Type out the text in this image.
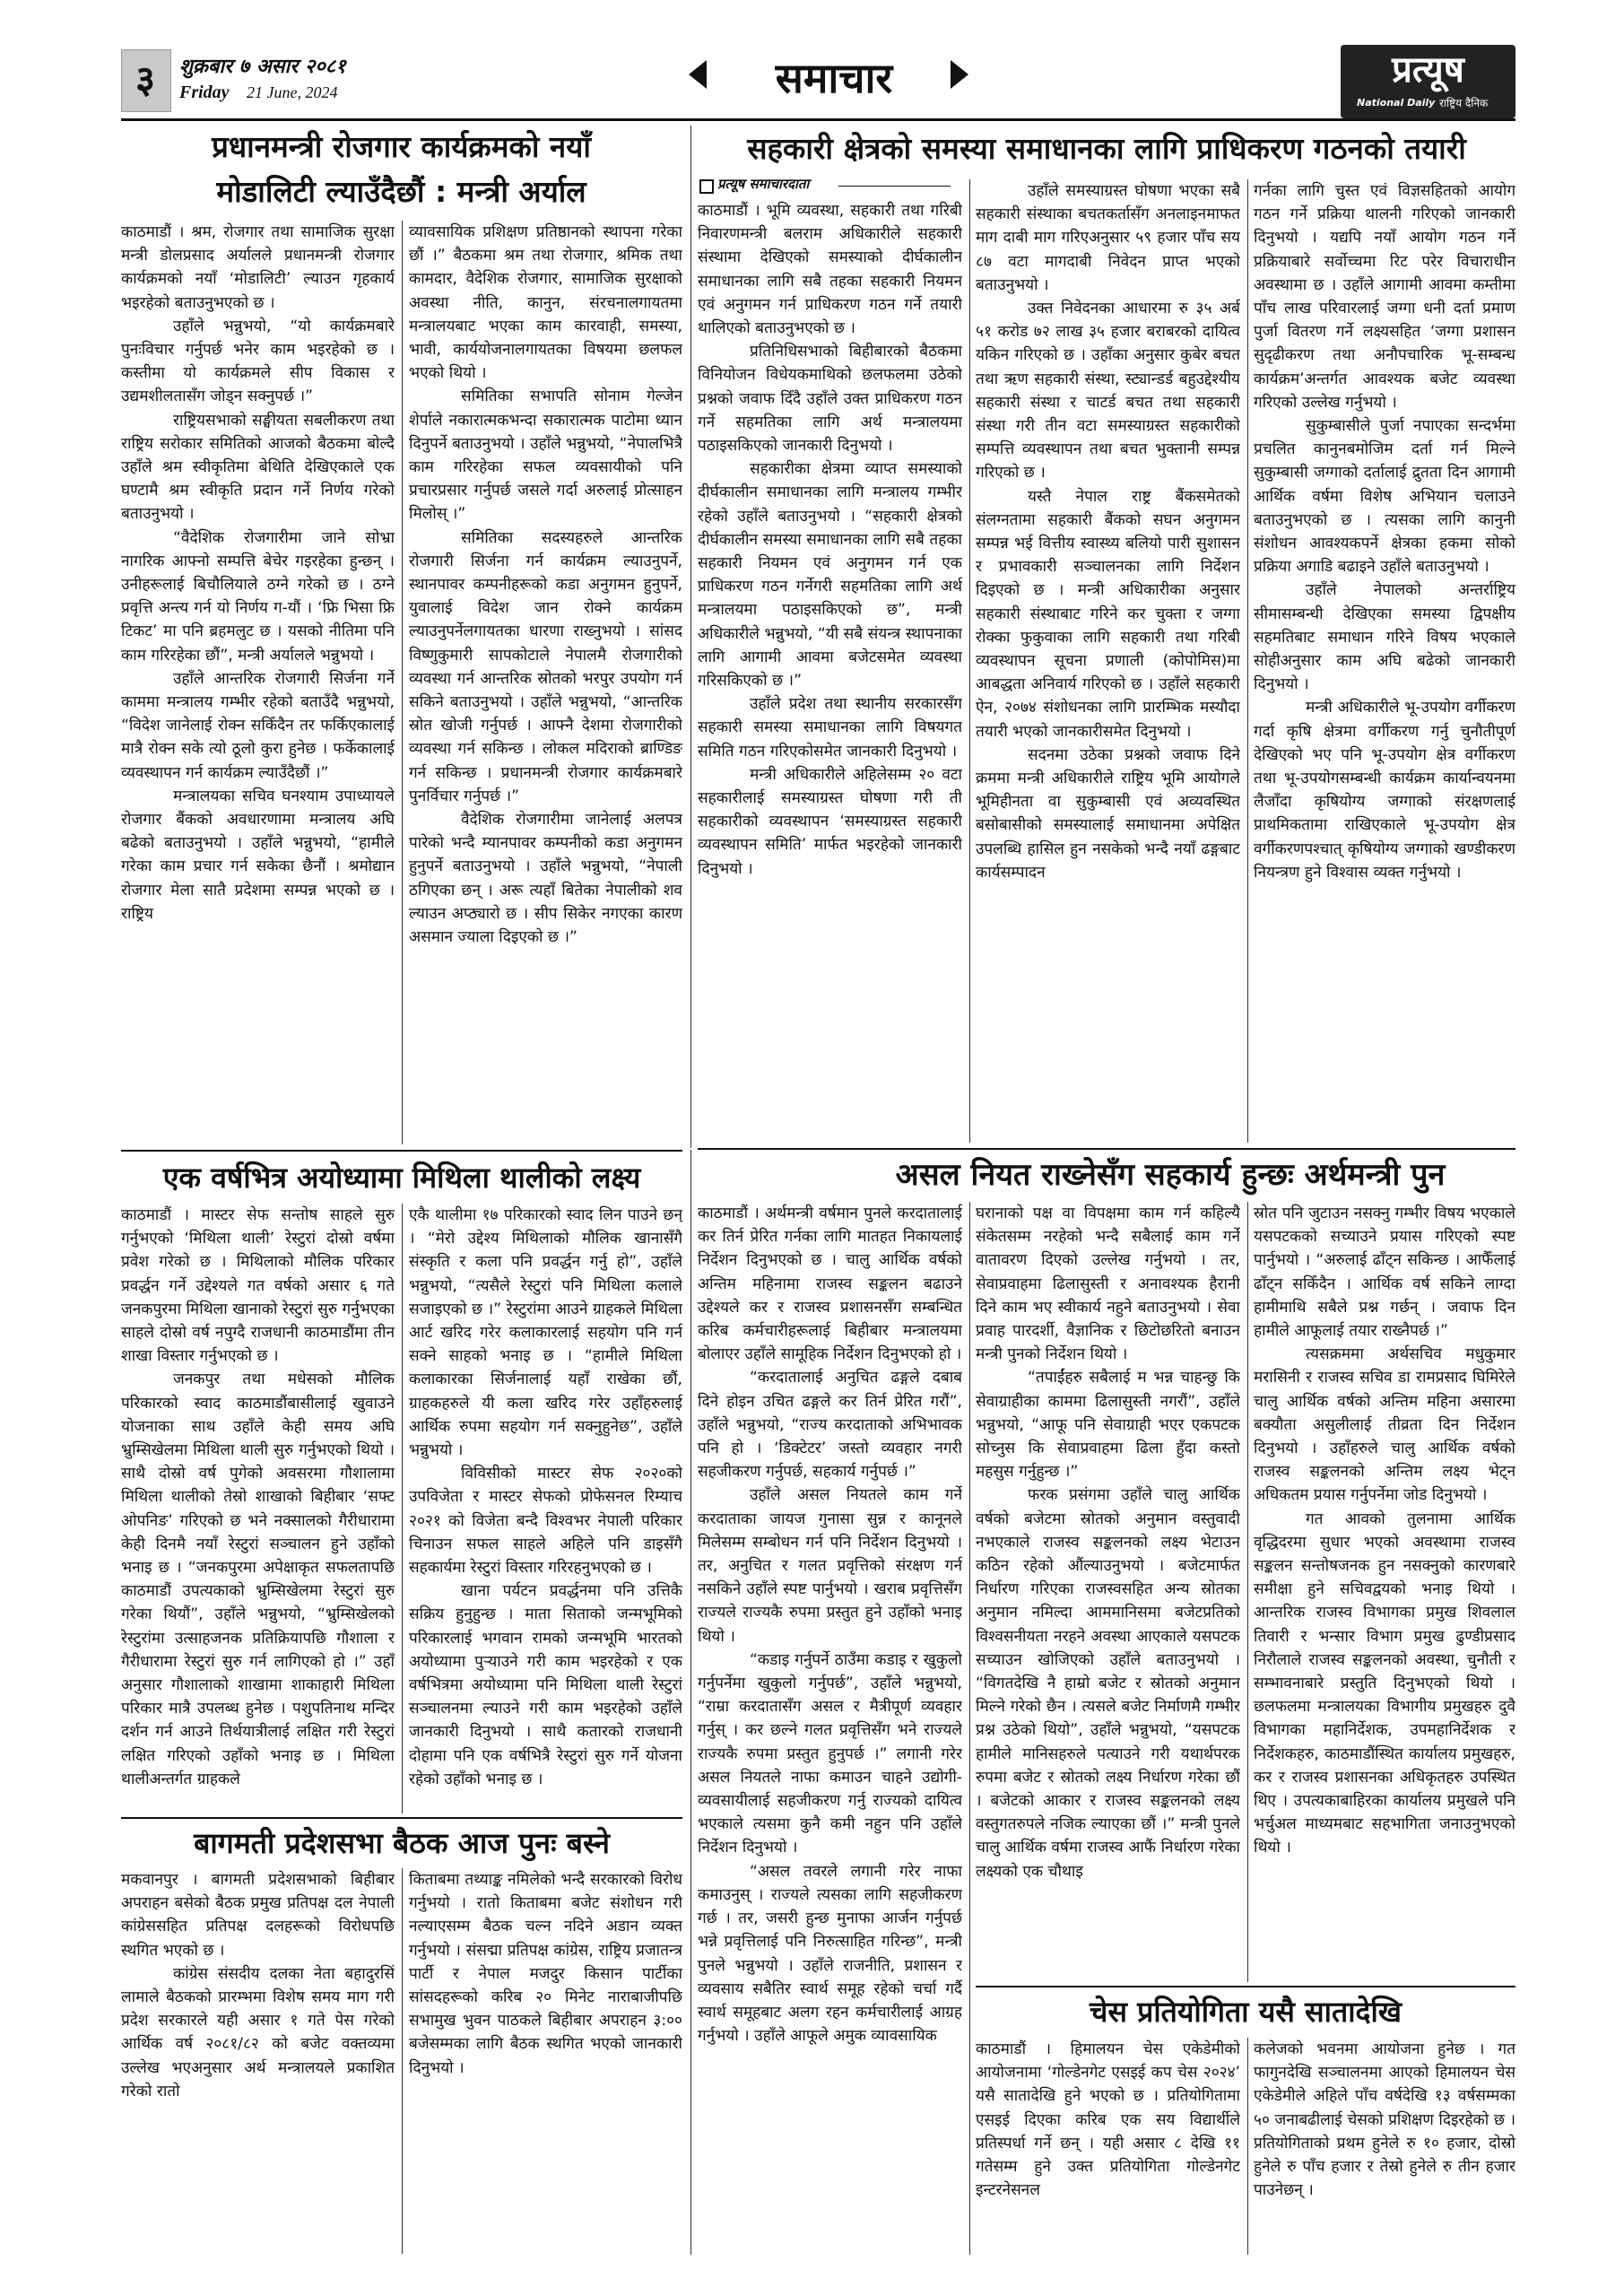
३	शुक्रबार ७ असार २०८१
Friday 21 June, 2024	समाचार	प्रत्यूष
National Daily राष्ट्रिय दैनिक
प्रधानमन्त्री रोजगार कार्यक्रमको नयाँ
मोडालिटी ल्याउँदैछौं : मन्त्री अर्याल

काठमाडौं । श्रम, रोजगार तथा सामाजिक सुरक्षा मन्त्री डोलप्रसाद अर्यालले प्रधानमन्त्री रोजगार कार्यक्रमको नयाँ ‘मोडालिटी’ ल्याउन गृहकार्य भइरहेको बताउनुभएको छ ।

उहाँले भन्नुभयो, “यो कार्यक्रमबारे पुनःविचार गर्नुपर्छ भनेर काम भइरहेको छ । कस्तीमा यो कार्यक्रमले सीप विकास र उद्यमशीलतासँग जोड्न सक्नुपर्छ ।”

राष्ट्रियसभाको सङ्घीयता सबलीकरण तथा राष्ट्रिय सरोकार समितिको आजको बैठकमा बोल्दै उहाँले श्रम स्वीकृतिमा बेथिति देखिएकाले एक घण्टामै श्रम स्वीकृति प्रदान गर्ने निर्णय गरेको बताउनुभयो ।

“वैदेशिक रोजगारीमा जाने सोभ्रा नागरिक आफ्नो सम्पत्ति बेचेर गइरहेका हुन्छन् । उनीहरूलाई बिचौलियाले ठग्ने गरेको छ । ठग्ने प्रवृत्ति अन्त्य गर्न यो निर्णय ग-यौं । ‘फ्रि भिसा फ्रि टिकट’ मा पनि ब्रहमलुट छ । यसको नीतिमा पनि काम गरिरहेका छौं”, मन्त्री अर्यालले भन्नुभयो ।

उहाँले आन्तरिक रोजगारी सिर्जना गर्ने काममा मन्त्रालय गम्भीर रहेको बताउँदै भन्नुभयो, “विदेश जानेलाई रोक्न सकिँदैन तर फर्किएकालाई मात्रै रोक्न सके त्यो ठूलो कुरा हुनेछ । फर्केकालाई व्यवस्थापन गर्न कार्यक्रम ल्याउँदैछौं ।”

मन्त्रालयका सचिव घनश्याम उपाध्यायले रोजगार बैंकको अवधारणामा मन्त्रालय अघि बढेको बताउनुभयो । उहाँले भन्नुभयो, “हामीले गरेका काम प्रचार गर्न सकेका छैनौं । श्रमोद्यान रोजगार मेला सातै प्रदेशमा सम्पन्न भएको छ । राष्ट्रिय

व्यावसायिक प्रशिक्षण प्रतिष्ठानको स्थापना गरेका छौं ।” बैठकमा श्रम तथा रोजगार, श्रमिक तथा कामदार, वैदेशिक रोजगार, सामाजिक सुरक्षाको अवस्था नीति, कानुन, संरचनालगायतमा मन्त्रालयबाट भएका काम कारवाही, समस्या, भावी, कार्ययोजनालगायतका विषयमा छलफल भएको थियो ।

समितिका सभापति सोनाम गेल्जेन शेर्पाले नकारात्मकभन्दा सकारात्मक पाटोमा ध्यान दिनुपर्ने बताउनुभयो । उहाँले भन्नुभयो, “नेपालभित्रै काम गरिरहेका सफल व्यवसायीको पनि प्रचारप्रसार गर्नुपर्छ जसले गर्दा अरुलाई प्रोत्साहन मिलोस् ।”

समितिका सदस्यहरुले आन्तरिक रोजगारी सिर्जना गर्न कार्यक्रम ल्याउनुपर्ने, स्थानपावर कम्पनीहरूको कडा अनुगमन हुनुपर्ने, युवालाई विदेश जान रोक्ने कार्यक्रम ल्याउनुपर्नेलगायतका धारणा राख्नुभयो । सांसद विष्णुकुमारी सापकोटाले नेपालमै रोजगारीको व्यवस्था गर्न आन्तरिक स्रोतको भरपुर उपयोग गर्न सकिने बताउनुभयो । उहाँले भन्नुभयो, “आन्तरिक स्रोत खोजी गर्नुपर्छ । आफ्नै देशमा रोजगारीको व्यवस्था गर्न सकिन्छ । लोकल मदिराको ब्राण्डिङ गर्न सकिन्छ । प्रधानमन्त्री रोजगार कार्यक्रमबारे पुनर्विचार गर्नुपर्छ ।”

वैदेशिक रोजगारीमा जानेलाई अलपत्र पारेको भन्दै म्यानपावर कम्पनीको कडा अनुगमन हुनुपर्ने बताउनुभयो । उहाँले भन्नुभयो, “नेपाली ठगिएका छन् । अरू त्यहाँ बितेका नेपालीको शव ल्याउन अप्ठ्यारो छ । सीप सिकेर नगएका कारण असमान ज्याला दिइएको छ ।”

सहकारी क्षेत्रको समस्या समाधानका लागि प्राधिकरण गठनको तयारी
प्रत्यूष समाचारदाता

काठमाडौं । भूमि व्यवस्था, सहकारी तथा गरिबी निवारणमन्त्री बलराम अधिकारीले सहकारी संस्थामा देखिएको समस्याको दीर्घकालीन समाधानका लागि सबै तहका सहकारी नियमन एवं अनुगमन गर्न प्राधिकरण गठन गर्ने तयारी थालिएको बताउनुभएको छ ।

प्रतिनिधिसभाको बिहीबारको बैठकमा विनियोजन विधेयकमाथिको छलफलमा उठेको प्रश्नको जवाफ दिँदै उहाँले उक्त प्राधिकरण गठन गर्ने सहमतिका लागि अर्थ मन्त्रालयमा पठाइसकिएको जानकारी दिनुभयो ।

सहकारीका क्षेत्रमा व्याप्त समस्याको दीर्घकालीन समाधानका लागि मन्त्रालय गम्भीर रहेको उहाँले बताउनुभयो । “सहकारी क्षेत्रको दीर्घकालीन समस्या समाधानका लागि सबै तहका सहकारी नियमन एवं अनुगमन गर्न एक प्राधिकरण गठन गर्नेगरी सहमतिका लागि अर्थ मन्त्रालयमा पठाइसकिएको छ”, मन्त्री अधिकारीले भन्नुभयो, “यी सबै संयन्त्र स्थापनाका लागि आगामी आवमा बजेटसमेत व्यवस्था गरिसकिएको छ ।”

उहाँले प्रदेश तथा स्थानीय सरकारसँग सहकारी समस्या समाधानका लागि विषयगत समिति गठन गरिएकोसमेत जानकारी दिनुभयो ।

मन्त्री अधिकारीले अहिलेसम्म २० वटा सहकारीलाई समस्याग्रस्त घोषणा गरी ती सहकारीको व्यवस्थापन ‘समस्याग्रस्त सहकारी व्यवस्थापन समिति’ मार्फत भइरहेको जानकारी दिनुभयो ।

उहाँले समस्याग्रस्त घोषणा भएका सबै सहकारी संस्थाका बचतकर्तासँग अनलाइनमाफत माग दाबी माग गरिएअनुसार ५९ हजार पाँच सय ८७ वटा मागदाबी निवेदन प्राप्त भएको बताउनुभयो ।

उक्त निवेदनका आधारमा रु ३५ अर्ब ५१ करोड ७२ लाख ३५ हजार बराबरको दायित्व यकिन गरिएको छ । उहाँका अनुसार कुबेर बचत तथा ऋण सहकारी संस्था, स्ट्यान्डर्ड बहुउद्देश्यीय सहकारी संस्था र चाटर्ड बचत तथा सहकारी संस्था गरी तीन वटा समस्याग्रस्त सहकारीको सम्पत्ति व्यवस्थापन तथा बचत भुक्तानी सम्पन्न गरिएको छ ।

यस्तै नेपाल राष्ट्र बैंकसमेतको संलग्नतामा सहकारी बैंकको सघन अनुगमन सम्पन्न भई वित्तीय स्वास्थ्य बलियो पारी सुशासन र प्रभावकारी सञ्चालनका लागि निर्देशन दिइएको छ । मन्त्री अधिकारीका अनुसार सहकारी संस्थाबाट गरिने कर चुक्ता र जग्गा रोक्का फुकुवाका लागि सहकारी तथा गरिबी व्यवस्थापन सूचना प्रणाली (कोपोमिस)मा आबद्धता अनिवार्य गरिएको छ । उहाँले सहकारी ऐन, २०७४ संशोधनका लागि प्रारम्भिक मस्यौदा तयारी भएको जानकारीसमेत दिनुभयो ।

सदनमा उठेका प्रश्नको जवाफ दिने क्रममा मन्त्री अधिकारीले राष्ट्रिय भूमि आयोगले भूमिहीनता वा सुकुम्बासी एवं अव्यवस्थित बसोबासीको समस्यालाई समाधानमा अपेक्षित उपलब्धि हासिल हुन नसकेको भन्दै नयाँ ढङ्गबाट कार्यसम्पादन

गर्नका लागि चुस्त एवं विज्ञसहितको आयोग गठन गर्ने प्रक्रिया थालनी गरिएको जानकारी दिनुभयो । यद्यपि नयाँ आयोग गठन गर्ने प्रक्रियाबारे सर्वोच्चमा रिट परेर विचाराधीन अवस्थामा छ । उहाँले आगामी आवमा कम्तीमा पाँच लाख परिवारलाई जग्गा धनी दर्ता प्रमाण पुर्जा वितरण गर्ने लक्ष्यसहित ‘जग्गा प्रशासन सुदृढीकरण तथा अनौपचारिक भू-सम्बन्ध कार्यक्रम’अन्तर्गत आवश्यक बजेट व्यवस्था गरिएको उल्लेख गर्नुभयो ।

सुकुम्बासीले पुर्जा नपाएका सन्दर्भमा प्रचलित कानुनबमोजिम दर्ता गर्न मिल्ने सुकुम्बासी जग्गाको दर्तालाई द्रुतता दिन आगामी आर्थिक वर्षमा विशेष अभियान चलाउने बताउनुभएको छ । त्यसका लागि कानुनी संशोधन आवश्यकपर्ने क्षेत्रका हकमा सोको प्रक्रिया अगाडि बढाइने उहाँले बताउनुभयो ।

उहाँले नेपालको अन्तर्राष्ट्रिय सीमासम्बन्धी देखिएका समस्या द्विपक्षीय सहमतिबाट समाधान गरिने विषय भएकाले सोहीअनुसार काम अघि बढेको जानकारी दिनुभयो ।

मन्त्री अधिकारीले भू-उपयोग वर्गीकरण गर्दा कृषि क्षेत्रमा वर्गीकरण गर्नु चुनौतीपूर्ण देखिएको भए पनि भू-उपयोग क्षेत्र वर्गीकरण तथा भू-उपयोगसम्बन्धी कार्यक्रम कार्यान्वयनमा लैजाँदा कृषियोग्य जग्गाको संरक्षणलाई प्राथमिकतामा राखिएकाले भू-उपयोग क्षेत्र वर्गीकरणपश्चात् कृषियोग्य जग्गाको खण्डीकरण नियन्त्रण हुने विश्वास व्यक्त गर्नुभयो ।

एक वर्षभित्र अयोध्यामा मिथिला थालीको लक्ष्य

काठमाडौं । मास्टर सेफ सन्तोष साहले सुरु गर्नुभएको ‘मिथिला थाली’ रेस्टुरां दोस्रो वर्षमा प्रवेश गरेको छ । मिथिलाको मौलिक परिकार प्रवर्द्धन गर्ने उद्देश्यले गत वर्षको असार ६ गते जनकपुरमा मिथिला खानाको रेस्टुरां सुरु गर्नुभएका साहले दोस्रो वर्ष नपुग्दै राजधानी काठमाडौंमा तीन शाखा विस्तार गर्नुभएको छ ।

जनकपुर तथा मधेसको मौलिक परिकारको स्वाद काठमाडौंबासीलाई खुवाउने योजनाका साथ उहाँले केही समय अघि भ्रुम्सिखेलमा मिथिला थाली सुरु गर्नुभएको थियो । साथै दोस्रो वर्ष पुगेको अवसरमा गौशालामा मिथिला थालीको तेस्रो शाखाको बिहीबार ‘सफ्ट ओपनिङ’ गरिएको छ भने नक्सालको गैरीधारामा केही दिनमै नयाँ रेस्टुरां सञ्चालन हुने उहाँको भनाइ छ । “जनकपुरमा अपेक्षाकृत सफलतापछि काठमाडौं उपत्यकाको भ्रुम्सिखेलमा रेस्टुरां सुरु गरेका थियौं”, उहाँले भन्नुभयो, “भ्रुम्सिखेलको रेस्टुरांमा उत्साहजनक प्रतिक्रियापछि गौशाला र गैरीधारामा रेस्टुरां सुरु गर्न लागिएको हो ।” उहाँ अनुसार गौशालाको शाखामा शाकाहारी मिथिला परिकार मात्रै उपलब्ध हुनेछ । पशुपतिनाथ मन्दिर दर्शन गर्न आउने तिर्थयात्रीलाई लक्षित गरी रेस्टुरां लक्षित गरिएको उहाँको भनाइ छ । मिथिला थालीअन्तर्गत ग्राहकले

एकै थालीमा १७ परिकारको स्वाद लिन पाउने छन् । “मेरो उद्देश्य मिथिलाको मौलिक खानासँगै संस्कृति र कला पनि प्रवर्द्धन गर्नु हो”, उहाँले भन्नुभयो, “त्यसैले रेस्टुरां पनि मिथिला कलाले सजाइएको छ ।” रेस्टुरांमा आउने ग्राहकले मिथिला आर्ट खरिद गरेर कलाकारलाई सहयोग पनि गर्न सक्ने साहको भनाइ छ । “हामीले मिथिला कलाकारका सिर्जनालाई यहाँ राखेका छौं, ग्राहकहरुले यी कला खरिद गरेर उहाँहरुलाई आर्थिक रुपमा सहयोग गर्न सक्नुहुनेछ”, उहाँले भन्नुभयो ।

विविसीको मास्टर सेफ २०२०को उपविजेता र मास्टर सेफको प्रोफेसनल रिम्याच २०२१ को विजेता बन्दै विश्वभर नेपाली परिकार चिनाउन सफल साहले अहिले पनि डाइसँगै सहकार्यमा रेस्टुरां विस्तार गरिरहनुभएको छ ।

खाना पर्यटन प्रवर्द्धनमा पनि उत्तिकै सक्रिय हुनुहुन्छ । माता सिताको जन्मभूमिको परिकारलाई भगवान रामको जन्मभूमि भारतको अयोध्यामा पुऱ्याउने गरी काम भइरहेको र एक वर्षभित्रमा अयोध्यामा पनि मिथिला थाली रेस्टुरां सञ्चालनमा ल्याउने गरी काम भइरहेको उहाँले जानकारी दिनुभयो । साथै कतारको राजधानी दोहामा पनि एक वर्षभित्रै रेस्टुरां सुरु गर्ने योजना रहेको उहाँको भनाइ छ ।

बागमती प्रदेशसभा बैठक आज पुनः बस्ने

मकवानपुर । बागमती प्रदेशसभाको बिहीबार अपराहन बसेको बैठक प्रमुख प्रतिपक्ष दल नेपाली कांग्रेससहित प्रतिपक्ष दलहरूको विरोधपछि स्थगित भएको छ ।

कांग्रेस संसदीय दलका नेता बहादुरसिं लामाले बैठकको प्रारम्भमा विशेष समय माग गरी प्रदेश सरकारले यही असार १ गते पेस गरेको आर्थिक वर्ष २०८१/८२ को बजेट वक्तव्यमा उल्लेख भएअनुसार अर्थ मन्त्रालयले प्रकाशित गरेको रातो

किताबमा तथ्याङ्क नमिलेको भन्दै सरकारको विरोध गर्नुभयो । रातो किताबमा बजेट संशोधन गरी नल्याएसम्म बैठक चल्न नदिने अडान व्यक्त गर्नुभयो । संसद्मा प्रतिपक्ष कांग्रेस, राष्ट्रिय प्रजातन्त्र पार्टी र नेपाल मजदुर किसान पार्टीका सांसदहरूको करिब २० मिनेट नाराबाजीपछि सभामुख भुवन पाठकले बिहीबार अपराहन ३:०० बजेसम्मका लागि बैठक स्थगित भएको जानकारी दिनुभयो ।

असल नियत राख्नेसँग सहकार्य हुन्छः अर्थमन्त्री पुन

काठमाडौं । अर्थमन्त्री वर्षमान पुनले करदातालाई कर तिर्न प्रेरित गर्नका लागि मातहत निकायलाई निर्देशन दिनुभएको छ । चालु आर्थिक वर्षको अन्तिम महिनामा राजस्व सङ्कलन बढाउने उद्देश्यले कर र राजस्व प्रशासनसँग सम्बन्धित करिब कर्मचारीहरूलाई बिहीबार मन्त्रालयमा बोलाएर उहाँले सामूहिक निर्देशन दिनुभएको हो ।

“करदातालाई अनुचित ढङ्गले दबाब दिने होइन उचित ढङ्गले कर तिर्न प्रेरित गरौं”, उहाँले भन्नुभयो, “राज्य करदाताको अभिभावक पनि हो । ‘डिक्टेटर’ जस्तो व्यवहार नगरी सहजीकरण गर्नुपर्छ, सहकार्य गर्नुपर्छ ।”

उहाँले असल नियतले काम गर्ने करदाताका जायज गुनासा सुन्न र कानूनले मिलेसम्म सम्बोधन गर्न पनि निर्देशन दिनुभयो । तर, अनुचित र गलत प्रवृत्तिको संरक्षण गर्न नसकिने उहाँले स्पष्ट पार्नुभयो । खराब प्रवृत्तिसँग राज्यले राज्यकै रुपमा प्रस्तुत हुने उहाँको भनाइ थियो ।

“कडाइ गर्नुपर्ने ठाउँमा कडाइ र खुकुलो गर्नुपर्नेमा खुकुलो गर्नुपर्छ”, उहाँले भन्नुभयो, “राम्रा करदातासँग असल र मैत्रीपूर्ण व्यवहार गर्नुस् । कर छल्ने गलत प्रवृत्तिसँग भने राज्यले राज्यकै रुपमा प्रस्तुत हुनुपर्छ ।” लगानी गरेर असल नियतले नाफा कमाउन चाहने उद्योगी-व्यवसायीलाई सहजीकरण गर्नु राज्यको दायित्व भएकाले त्यसमा कुनै कमी नहुन पनि उहाँले निर्देशन दिनुभयो ।

“असल तवरले लगानी गरेर नाफा कमाउनुस् । राज्यले त्यसका लागि सहजीकरण गर्छ । तर, जसरी हुन्छ मुनाफा आर्जन गर्नुपर्छ भन्ने प्रवृत्तिलाई पनि निरुत्साहित गरिन्छ”, मन्त्री पुनले भन्नुभयो । उहाँले राजनीति, प्रशासन र व्यवसाय सबैतिर स्वार्थ समूह रहेको चर्चा गर्दै स्वार्थ समूहबाट अलग रहन कर्मचारीलाई आग्रह गर्नुभयो । उहाँले आफूले अमुक व्यावसायिक

घरानाको पक्ष वा विपक्षमा काम गर्न कहिल्यै संकेतसम्म नरहेको भन्दै सबैलाई काम गर्ने वातावरण दिएको उल्लेख गर्नुभयो । तर, सेवाप्रवाहमा ढिलासुस्ती र अनावश्यक हैरानी दिने काम भए स्वीकार्य नहुने बताउनुभयो । सेवा प्रवाह पारदर्शी, वैज्ञानिक र छिटोछरितो बनाउन मन्त्री पुनको निर्देशन थियो ।

“तपाईंहरु सबैलाई म भन्न चाहन्छु कि सेवाग्राहीका काममा ढिलासुस्ती नगरौं”, उहाँले भन्नुभयो, “आफू पनि सेवाग्राही भएर एकपटक सोच्नुस कि सेवाप्रवाहमा ढिला हुँदा कस्तो महसुस गर्नुहुन्छ ।”

फरक प्रसंगमा उहाँले चालु आर्थिक वर्षको बजेटमा स्रोतको अनुमान वस्तुवादी नभएकाले राजस्व सङ्कलनको लक्ष्य भेटाउन कठिन रहेको औंल्याउनुभयो । बजेटमार्फत निर्धारण गरिएका राजस्वसहित अन्य स्रोतका अनुमान नमिल्दा आममानिसमा बजेटप्रतिको विश्वसनीयता नरहने अवस्था आएकाले यसपटक सच्याउन खोजिएको उहाँले बताउनुभयो । “विगतदेखि नै हाम्रो बजेट र स्रोतको अनुमान मिल्ने गरेको छैन । त्यसले बजेट निर्माणमै गम्भीर प्रश्न उठेको थियो”, उहाँले भन्नुभयो, “यसपटक हामीले मानिसहरुले पत्याउने गरी यथार्थपरक रुपमा बजेट र स्रोतको लक्ष्य निर्धारण गरेका छौं । बजेटको आकार र राजस्व सङ्कलनको लक्ष्य वस्तुगतरुपले नजिक ल्याएका छौं ।” मन्त्री पुनले चालु आर्थिक वर्षमा राजस्व आफैं निर्धारण गरेका लक्ष्यको एक चौथाइ

स्रोत पनि जुटाउन नसक्नु गम्भीर विषय भएकाले यसपटकको सच्याउने प्रयास गरिएको स्पष्ट पार्नुभयो । “अरुलाई ढाँट्न सकिन्छ । आफैँलाई ढाँट्न सकिँदैन । आर्थिक वर्ष सकिने लाग्दा हामीमाथि सबैले प्रश्न गर्छन् । जवाफ दिन हामीले आफूलाई तयार राख्नैपर्छ ।”

त्यसक्रममा अर्थसचिव मधुकुमार मरासिनी र राजस्व सचिव डा रामप्रसाद घिमिरेले चालु आर्थिक वर्षको अन्तिम महिना असारमा बक्यौता असुलीलाई तीव्रता दिन निर्देशन दिनुभयो । उहाँहरुले चालु आर्थिक वर्षको राजस्व सङ्कलनको अन्तिम लक्ष्य भेट्न अधिकतम प्रयास गर्नुपर्नेमा जोड दिनुभयो ।

गत आवको तुलनामा आर्थिक वृद्धिदरमा सुधार भएको अवस्थामा राजस्व सङ्कलन सन्तोषजनक हुन नसक्नुको कारणबारे समीक्षा हुने सचिवद्वयको भनाइ थियो । आन्तरिक राजस्व विभागका प्रमुख शिवलाल तिवारी र भन्सार विभाग प्रमुख ढुण्डीप्रसाद निरौलाले राजस्व सङ्कलनको अवस्था, चुनौती र सम्भावनाबारे प्रस्तुति दिनुभएको थियो । छलफलमा मन्त्रालयका विभागीय प्रमुखहरु दुवै विभागका महानिर्देशक, उपमहानिर्देशक र निर्देशकहरु, काठमाडौंस्थित कार्यालय प्रमुखहरु, कर र राजस्व प्रशासनका अधिकृतहरु उपस्थित थिए । उपत्यकाबाहिरका कार्यालय प्रमुखले पनि भर्चुअल माध्यमबाट सहभागिता जनाउनुभएको थियो ।

चेस प्रतियोगिता यसै सातादेखि

काठमाडौं । हिमालयन चेस एकेडेमीको आयोजनामा ‘गोल्डेनगेट एसइई कप चेस २०२४’ यसै सातादेखि हुने भएको छ । प्रतियोगितामा एसइई दिएका करिब एक सय विद्यार्थीले प्रतिस्पर्धा गर्ने छन् । यही असार ८ देखि ११ गतेसम्म हुने उक्त प्रतियोगिता गोल्डेनगेट इन्टरनेसनल

कलेजको भवनमा आयोजना हुनेछ । गत फागुनदेखि सञ्चालनमा आएको हिमालयन चेस एकेडेमीले अहिले पाँच वर्षदेखि १३ वर्षसम्मका ५० जनाबढीलाई चेसको प्रशिक्षण दिइरहेको छ । प्रतियोगिताको प्रथम हुनेले रु १० हजार, दोस्रो हुनेले रु पाँच हजार र तेस्रो हुनेले रु तीन हजार पाउनेछन् ।
